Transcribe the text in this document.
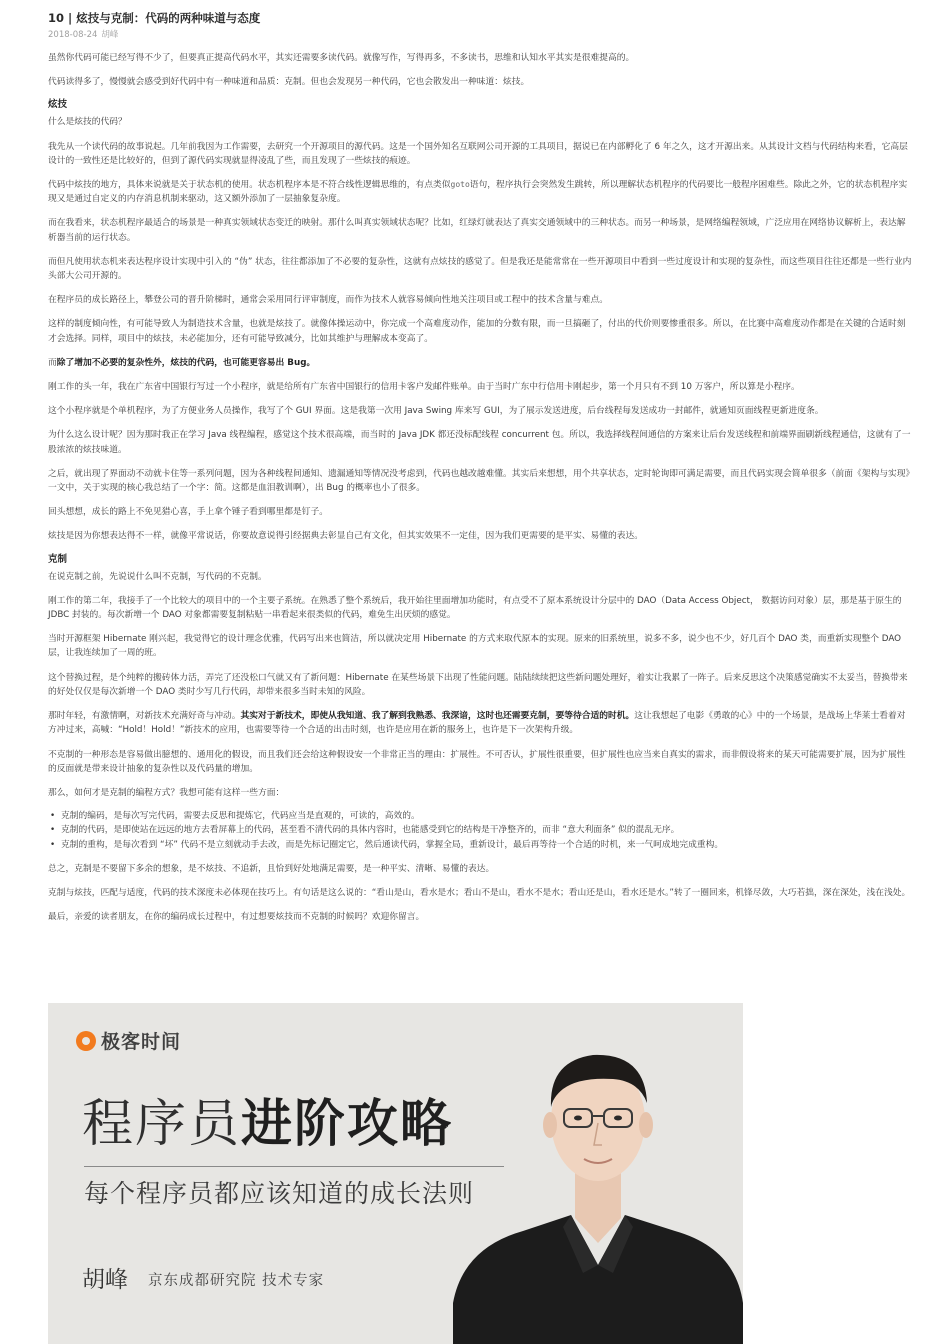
10 | 炫技与克制：代码的两种味道与态度
2018-08-24 胡峰

虽然你代码可能已经写得不少了，但要真正提高代码水平，其实还需要多读代码。就像写作，写得再多，不多读书，思维和认知水平其实是很难提高的。

代码读得多了，慢慢就会感受到好代码中有一种味道和品质：克制。但也会发现另一种代码，它也会散发出一种味道：炫技。

炫技

什么是炫技的代码？

我先从一个读代码的故事说起。几年前我因为工作需要，去研究一个开源项目的源代码。这是一个国外知名互联网公司开源的工具项目，据说已在内部孵化了 6 年之久，这才开源出来。从其设计文档与代码结构来看，它高层设计的一致性还是比较好的，但到了源代码实现就显得凌乱了些，而且发现了一些炫技的痕迹。

代码中炫技的地方，具体来说就是关于状态机的使用。状态机程序本是不符合线性逻辑思维的，有点类似goto语句，程序执行会突然发生跳转，所以理解状态机程序的代码要比一般程序困难些。除此之外，它的状态机程序实现又是通过自定义的内存消息机制来驱动，这又额外添加了一层抽象复杂度。

而在我看来，状态机程序最适合的场景是一种真实领域状态变迁的映射。那什么叫真实领域状态呢？比如，红绿灯就表达了真实交通领域中的三种状态。而另一种场景，是网络编程领域，广泛应用在网络协议解析上，表达解析器当前的运行状态。

而但凡使用状态机来表达程序设计实现中引入的 “伪” 状态，往往都添加了不必要的复杂性，这就有点炫技的感觉了。但是我还是能常常在一些开源项目中看到一些过度设计和实现的复杂性，而这些项目往往还都是一些行业内头部大公司开源的。

在程序员的成长路径上，攀登公司的晋升阶梯时，通常会采用同行评审制度，而作为技术人就容易倾向性地关注项目或工程中的技术含量与难点。

这样的制度倾向性，有可能导致人为制造技术含量，也就是炫技了。就像体操运动中，你完成一个高难度动作，能加的分数有限，而一旦搞砸了，付出的代价则要惨重很多。所以，在比赛中高难度动作都是在关键的合适时刻才会选择。同样，项目中的炫技，未必能加分，还有可能导致减分，比如其维护与理解成本变高了。

而除了增加不必要的复杂性外，炫技的代码，也可能更容易出 Bug。

刚工作的头一年，我在广东省中国银行写过一个小程序，就是给所有广东省中国银行的信用卡客户发邮件账单。由于当时广东中行信用卡刚起步，第一个月只有不到 10 万客户，所以算是小程序。

这个小程序就是个单机程序，为了方便业务人员操作，我写了个 GUI 界面。这是我第一次用 Java Swing 库来写 GUI，为了展示发送进度，后台线程每发送成功一封邮件，就通知页面线程更新进度条。

为什么这么设计呢？因为那时我正在学习 Java 线程编程，感觉这个技术很高端，而当时的 Java JDK 都还没标配线程 concurrent 包。所以，我选择线程间通信的方案来让后台发送线程和前端界面刷新线程通信，这就有了一股浓浓的炫技味道。

之后，就出现了界面动不动就卡住等一系列问题，因为各种线程间通知、遗漏通知等情况没考虑到，代码也越改越难懂。其实后来想想，用个共享状态，定时轮询即可满足需要，而且代码实现会简单很多（前面《架构与实现》一文中，关于实现的核心我总结了一个字：简。这都是血泪教训啊），出 Bug 的概率也小了很多。

回头想想，成长的路上不免见猎心喜，手上拿个锤子看到哪里都是钉子。

炫技是因为你想表达得不一样，就像平常说话，你要故意说得引经据典去彰显自己有文化，但其实效果不一定佳，因为我们更需要的是平实、易懂的表达。

克制

在说克制之前，先说说什么叫不克制，写代码的不克制。

刚工作的第二年，我接手了一个比较大的项目中的一个主要子系统。在熟悉了整个系统后，我开始往里面增加功能时，有点受不了原本系统设计分层中的 DAO（Data Access Object， 数据访问对象）层，那是基于原生的 JDBC 封装的。每次新增一个 DAO 对象都需要复制粘贴一串看起来很类似的代码，难免生出厌烦的感觉。

当时开源框架 Hibernate 刚兴起，我觉得它的设计理念优雅，代码写出来也简洁，所以就决定用 Hibernate 的方式来取代原本的实现。原来的旧系统里，说多不多，说少也不少，好几百个 DAO 类，而重新实现整个 DAO 层，让我连续加了一周的班。

这个替换过程，是个纯粹的搬砖体力活，弄完了还没松口气就又有了新问题：Hibernate 在某些场景下出现了性能问题。陆陆续续把这些新问题处理好，着实让我累了一阵子。后来反思这个决策感觉确实不太妥当，替换带来的好处仅仅是每次新增一个 DAO 类时少写几行代码，却带来很多当时未知的风险。

那时年轻，有激情啊，对新技术充满好奇与冲动。其实对于新技术，即使从我知道、我了解到我熟悉、我深谙，这时也还需要克制，要等待合适的时机。这让我想起了电影《勇敢的心》中的一个场景，是战场上华莱士看着对方冲过来，高喊：“Hold！Hold！”新技术的应用，也需要等待一个合适的出击时刻，也许是应用在新的服务上，也许是下一次架构升级。

不克制的一种形态是容易做出臆想的、通用化的假设，而且我们还会给这种假设安一个非常正当的理由：扩展性。不可否认，扩展性很重要，但扩展性也应当来自真实的需求，而非假设将来的某天可能需要扩展，因为扩展性的反面就是带来设计抽象的复杂性以及代码量的增加。

那么，如何才是克制的编程方式？我想可能有这样一些方面：

• 克制的编码，是每次写完代码，需要去反思和提炼它，代码应当是直观的，可读的，高效的。
• 克制的代码，是即使站在远远的地方去看屏幕上的代码，甚至看不清代码的具体内容时，也能感受到它的结构是干净整齐的，而非 “意大利面条” 似的混乱无序。
• 克制的重构，是每次看到 “坏” 代码不是立刻就动手去改，而是先标记圈定它，然后通读代码，掌握全局，重新设计，最后再等待一个合适的时机，来一气呵成地完成重构。

总之，克制是不要留下多余的想象，是不炫技、不追新，且恰到好处地满足需要，是一种平实、清晰、易懂的表达。

克制与炫技，匹配与适度，代码的技术深度未必体现在技巧上。有句话是这么说的：“看山是山，看水是水；看山不是山，看水不是水；看山还是山，看水还是水。”转了一圈回来，机锋尽敛，大巧若拙，深在深处，浅在浅处。

最后，亲爱的读者朋友，在你的编码成长过程中，有过想要炫技而不克制的时候吗？欢迎你留言。

极客时间
程序员进阶攻略
每个程序员都应该知道的成长法则
胡峰 京东成都研究院 技术专家
